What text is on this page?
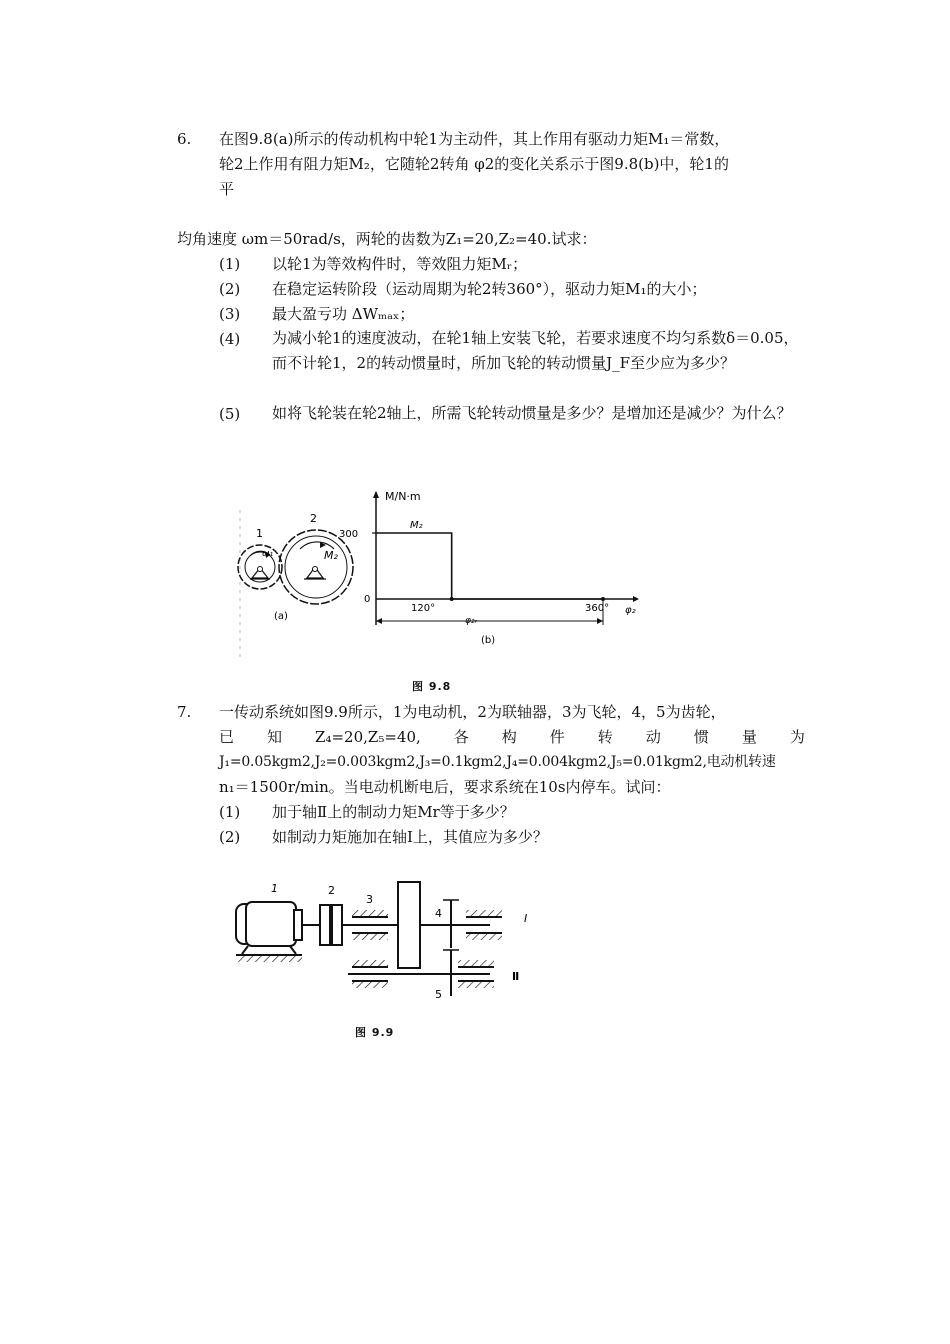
6. 在图9.8(a)所示的传动机构中轮1为主动件，其上作用有驱动力矩M₁＝常数，
轮2上作用有阻力矩M₂，它随轮2转角 φ2的变化关系示于图9.8(b)中，轮1的
平
均角速度 ωm＝50rad/s，两轮的齿数为Z₁=20,Z₂=40.试求：
(1) 以轮1为等效构件时，等效阻力矩Mᵣ；
(2) 在稳定运转阶段（运动周期为轮2转360°），驱动力矩M₁的大小；
(3) 最大盈亏功 ΔWₘₐₓ；
(4) 为减小轮1的速度波动，在轮1轴上安装飞轮，若要求速度不均匀系数δ＝0.05，而不计轮1，2的转动惯量时，所加飞轮的转动惯量J_F至少应为多少？
(5) 如将飞轮装在轮2轴上，所需飞轮转动惯量是多少？是增加还是减少？为什么？
1
2
ω₁	M₂
(a)
M/N·m
M₂
300
0
120°	360° φ₂
φ₂ᵣ
(b)
图 9.8
7. 一传动系统如图9.9所示，1为电动机，2为联轴器，3为飞轮，4，5为齿轮，
已 知 Z₄=20,Z₅=40, 各 构 件 转 动 惯 量 为
J₁=0.05kgm2,J₂=0.003kgm2,J₃=0.1kgm2,J₄=0.004kgm2,J₅=0.01kgm2,电动机转速
n₁＝1500r/min。当电动机断电后，要求系统在10s内停车。试问：
(1) 加于轴Ⅱ上的制动力矩Mr等于多少？
(2) 如制动力矩施加在轴Ⅰ上，其值应为多少？
1	2
3
4
5
I
Ⅱ
图 9.9
